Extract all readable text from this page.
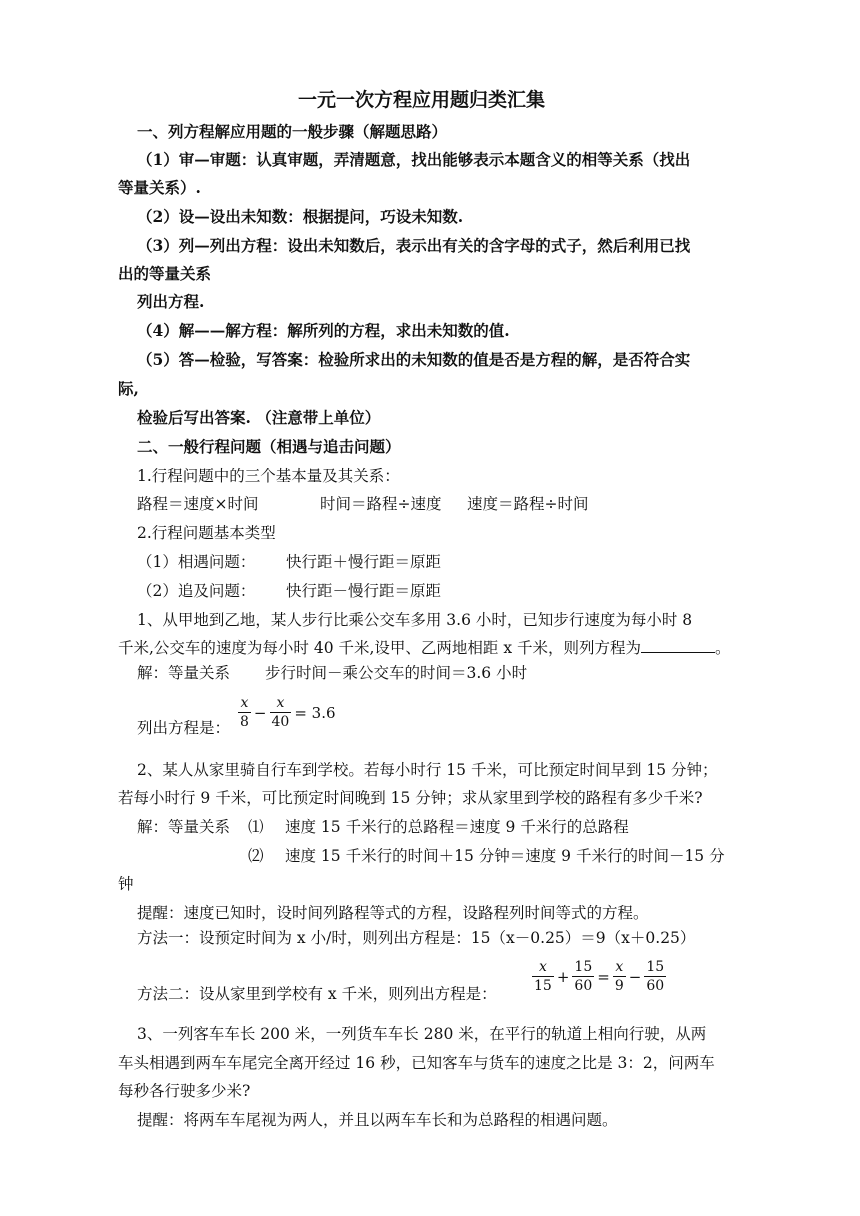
一元一次方程应用题归类汇集
一、列方程解应用题的一般步骤（解题思路）
（1）审—审题：认真审题，弄清题意，找出能够表示本题含义的相等关系（找出
等量关系）.
（2）设—设出未知数：根据提问，巧设未知数.
（3）列—列出方程：设出未知数后，表示出有关的含字母的式子，然后利用已找
出的等量关系
列出方程.
（4）解——解方程：解所列的方程，求出未知数的值.
（5）答—检验，写答案：检验所求出的未知数的值是否是方程的解，是否符合实
际,
检验后写出答案. （注意带上单位）
二、一般行程问题（相遇与追击问题）
1.行程问题中的三个基本量及其关系：
路程＝速度×时间	时间＝路程÷速度 速度＝路程÷时间
2.行程问题基本类型
（1）相遇问题： 快行距＋慢行距＝原距
（2）追及问题： 快行距－慢行距＝原距
1、从甲地到乙地，某人步行比乘公交车多用 3.6 小时，已知步行速度为每小时 8
千米,公交车的速度为每小时 40 千米,设甲、乙两地相距 x 千米，则列方程为	。
解：等量关系 步行时间－乘公交车的时间＝3.6 小时
列出方程是： $\frac{x}{8} - \frac{x}{40} = 3.6$
2、某人从家里骑自行车到学校。若每小时行 15 千米，可比预定时间早到 15 分钟；
若每小时行 9 千米，可比预定时间晚到 15 分钟；求从家里到学校的路程有多少千米?
解：等量关系 ⑴ 速度 15 千米行的总路程＝速度 9 千米行的总路程
⑵ 速度 15 千米行的时间＋15 分钟＝速度 9 千米行的时间－15 分
钟
提醒：速度已知时，设时间列路程等式的方程，设路程列时间等式的方程。
方法一：设预定时间为 x 小/时，则列出方程是：15（x－0.25）＝9（x＋0.25）
方法二：设从家里到学校有 x 千米，则列出方程是：	$\frac{x}{15} + \frac{15}{60} = \frac{x}{9} - \frac{15}{60}$
3、一列客车车长 200 米，一列货车车长 280 米，在平行的轨道上相向行驶，从两
车头相遇到两车车尾完全离开经过 16 秒，已知客车与货车的速度之比是 3：2，问两车
每秒各行驶多少米?
提醒：将两车车尾视为两人，并且以两车车长和为总路程的相遇问题。
